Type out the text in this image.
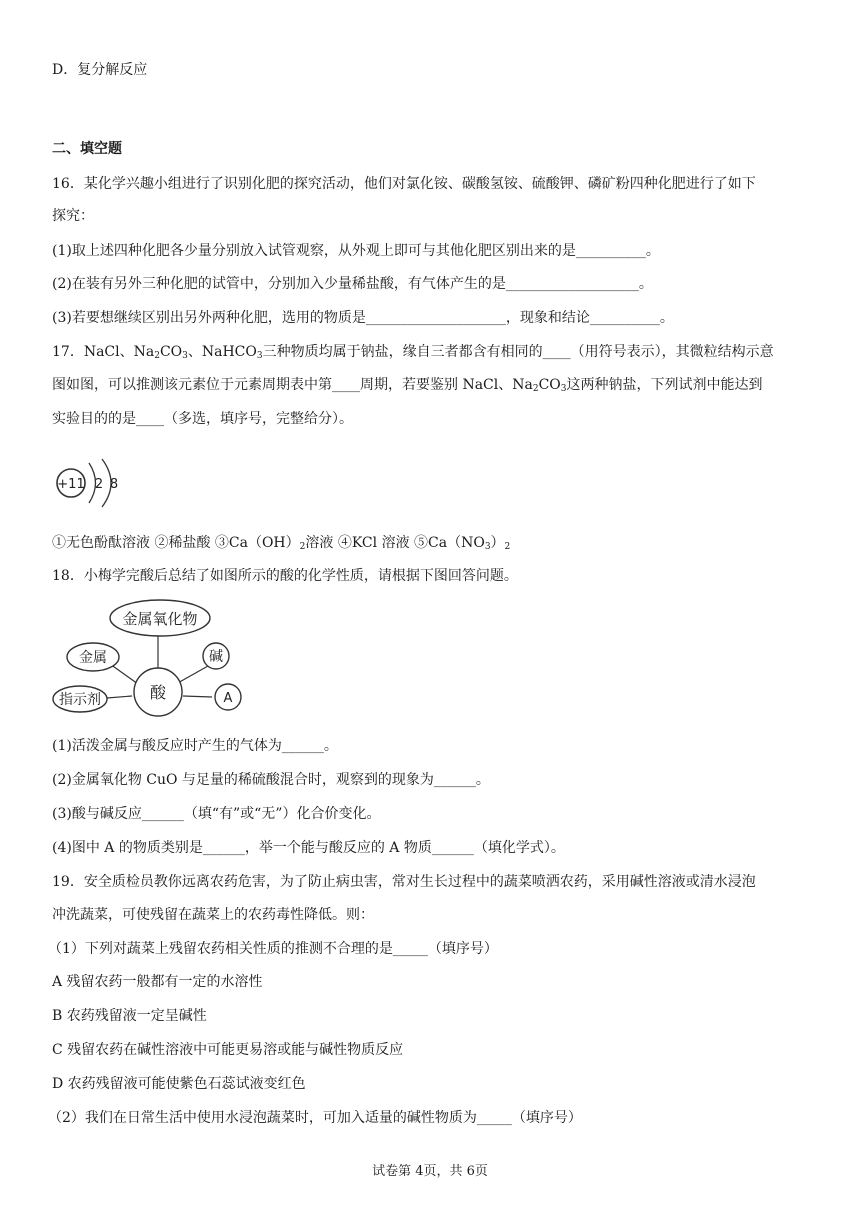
D．复分解反应
二、填空题
16．某化学兴趣小组进行了识别化肥的探究活动，他们对氯化铵、碳酸氢铵、硫酸钾、磷矿粉四种化肥进行了如下
探究：
(1)取上述四种化肥各少量分别放入试管观察，从外观上即可与其他化肥区别出来的是__________。
(2)在装有另外三种化肥的试管中，分别加入少量稀盐酸，有气体产生的是___________________。
(3)若要想继续区别出另外两种化肥，选用的物质是____________________，现象和结论__________。
17．NaCl、$Na_2CO_3$、NaHCO$_3$三种物质均属于钠盐，缘自三者都含有相同的____（用符号表示），其微粒结构示意
图如图，可以推测该元素位于元素周期表中第____周期，若要鉴别 NaCl、$Na_2CO_3$这两种钠盐，下列试剂中能达到
实验目的的是____（多选，填序号，完整给分）。
+11 2 8
①无色酚酞溶液 ②稀盐酸 $③Ca(OH)_2$溶液 ④KCl 溶液 $⑤Ca(NO_3)_2$
18．小梅学完酸后总结了如图所示的酸的化学性质，请根据下图回答问题。
金属氧化物
金属	碱
酸
指示剂	A
(1)活泼金属与酸反应时产生的气体为______。
(2)金属氧化物 CuO 与足量的稀硫酸混合时，观察到的现象为______。
(3)酸与碱反应______（填“有”或“无”）化合价变化。
(4)图中 A 的物质类别是______，举一个能与酸反应的 A 物质______（填化学式）。
19．安全质检员教你远离农药危害，为了防止病虫害，常对生长过程中的蔬菜喷洒农药，采用碱性溶液或清水浸泡
冲洗蔬菜，可使残留在蔬菜上的农药毒性降低。则：
（1）下列对蔬菜上残留农药相关性质的推测不合理的是_____（填序号）
A 残留农药一般都有一定的水溶性
B 农药残留液一定呈碱性
C 残留农药在碱性溶液中可能更易溶或能与碱性物质反应
D 农药残留液可能使紫色石蕊试液变红色
（2）我们在日常生活中使用水浸泡蔬菜时，可加入适量的碱性物质为_____（填序号）
试卷第 4页，共 6页
